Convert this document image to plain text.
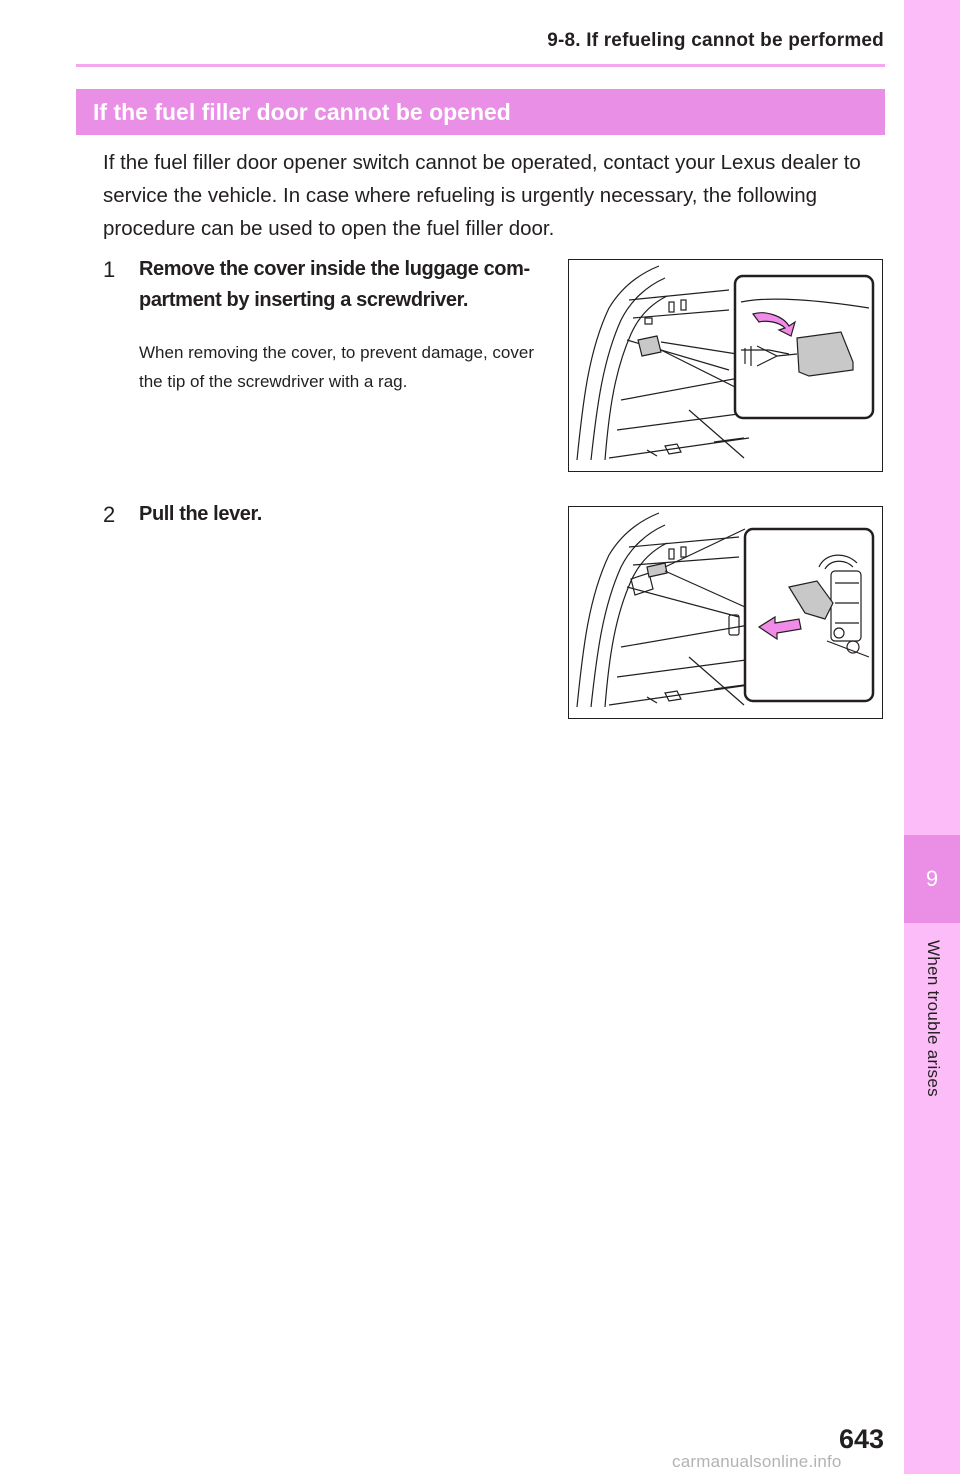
9-8. If refueling cannot be performed
If the fuel filler door cannot be opened

If the fuel filler door opener switch cannot be operated, contact your Lexus dealer to service the vehicle. In case where refueling is urgently necessary, the following procedure can be used to open the fuel filler door.

1 Remove the cover inside the luggage com-partment by inserting a screwdriver.
When removing the cover, to prevent damage, cover the tip of the screwdriver with a rag.
2 Pull the lever.
9
When trouble arises
643
carmanualsonline.info
